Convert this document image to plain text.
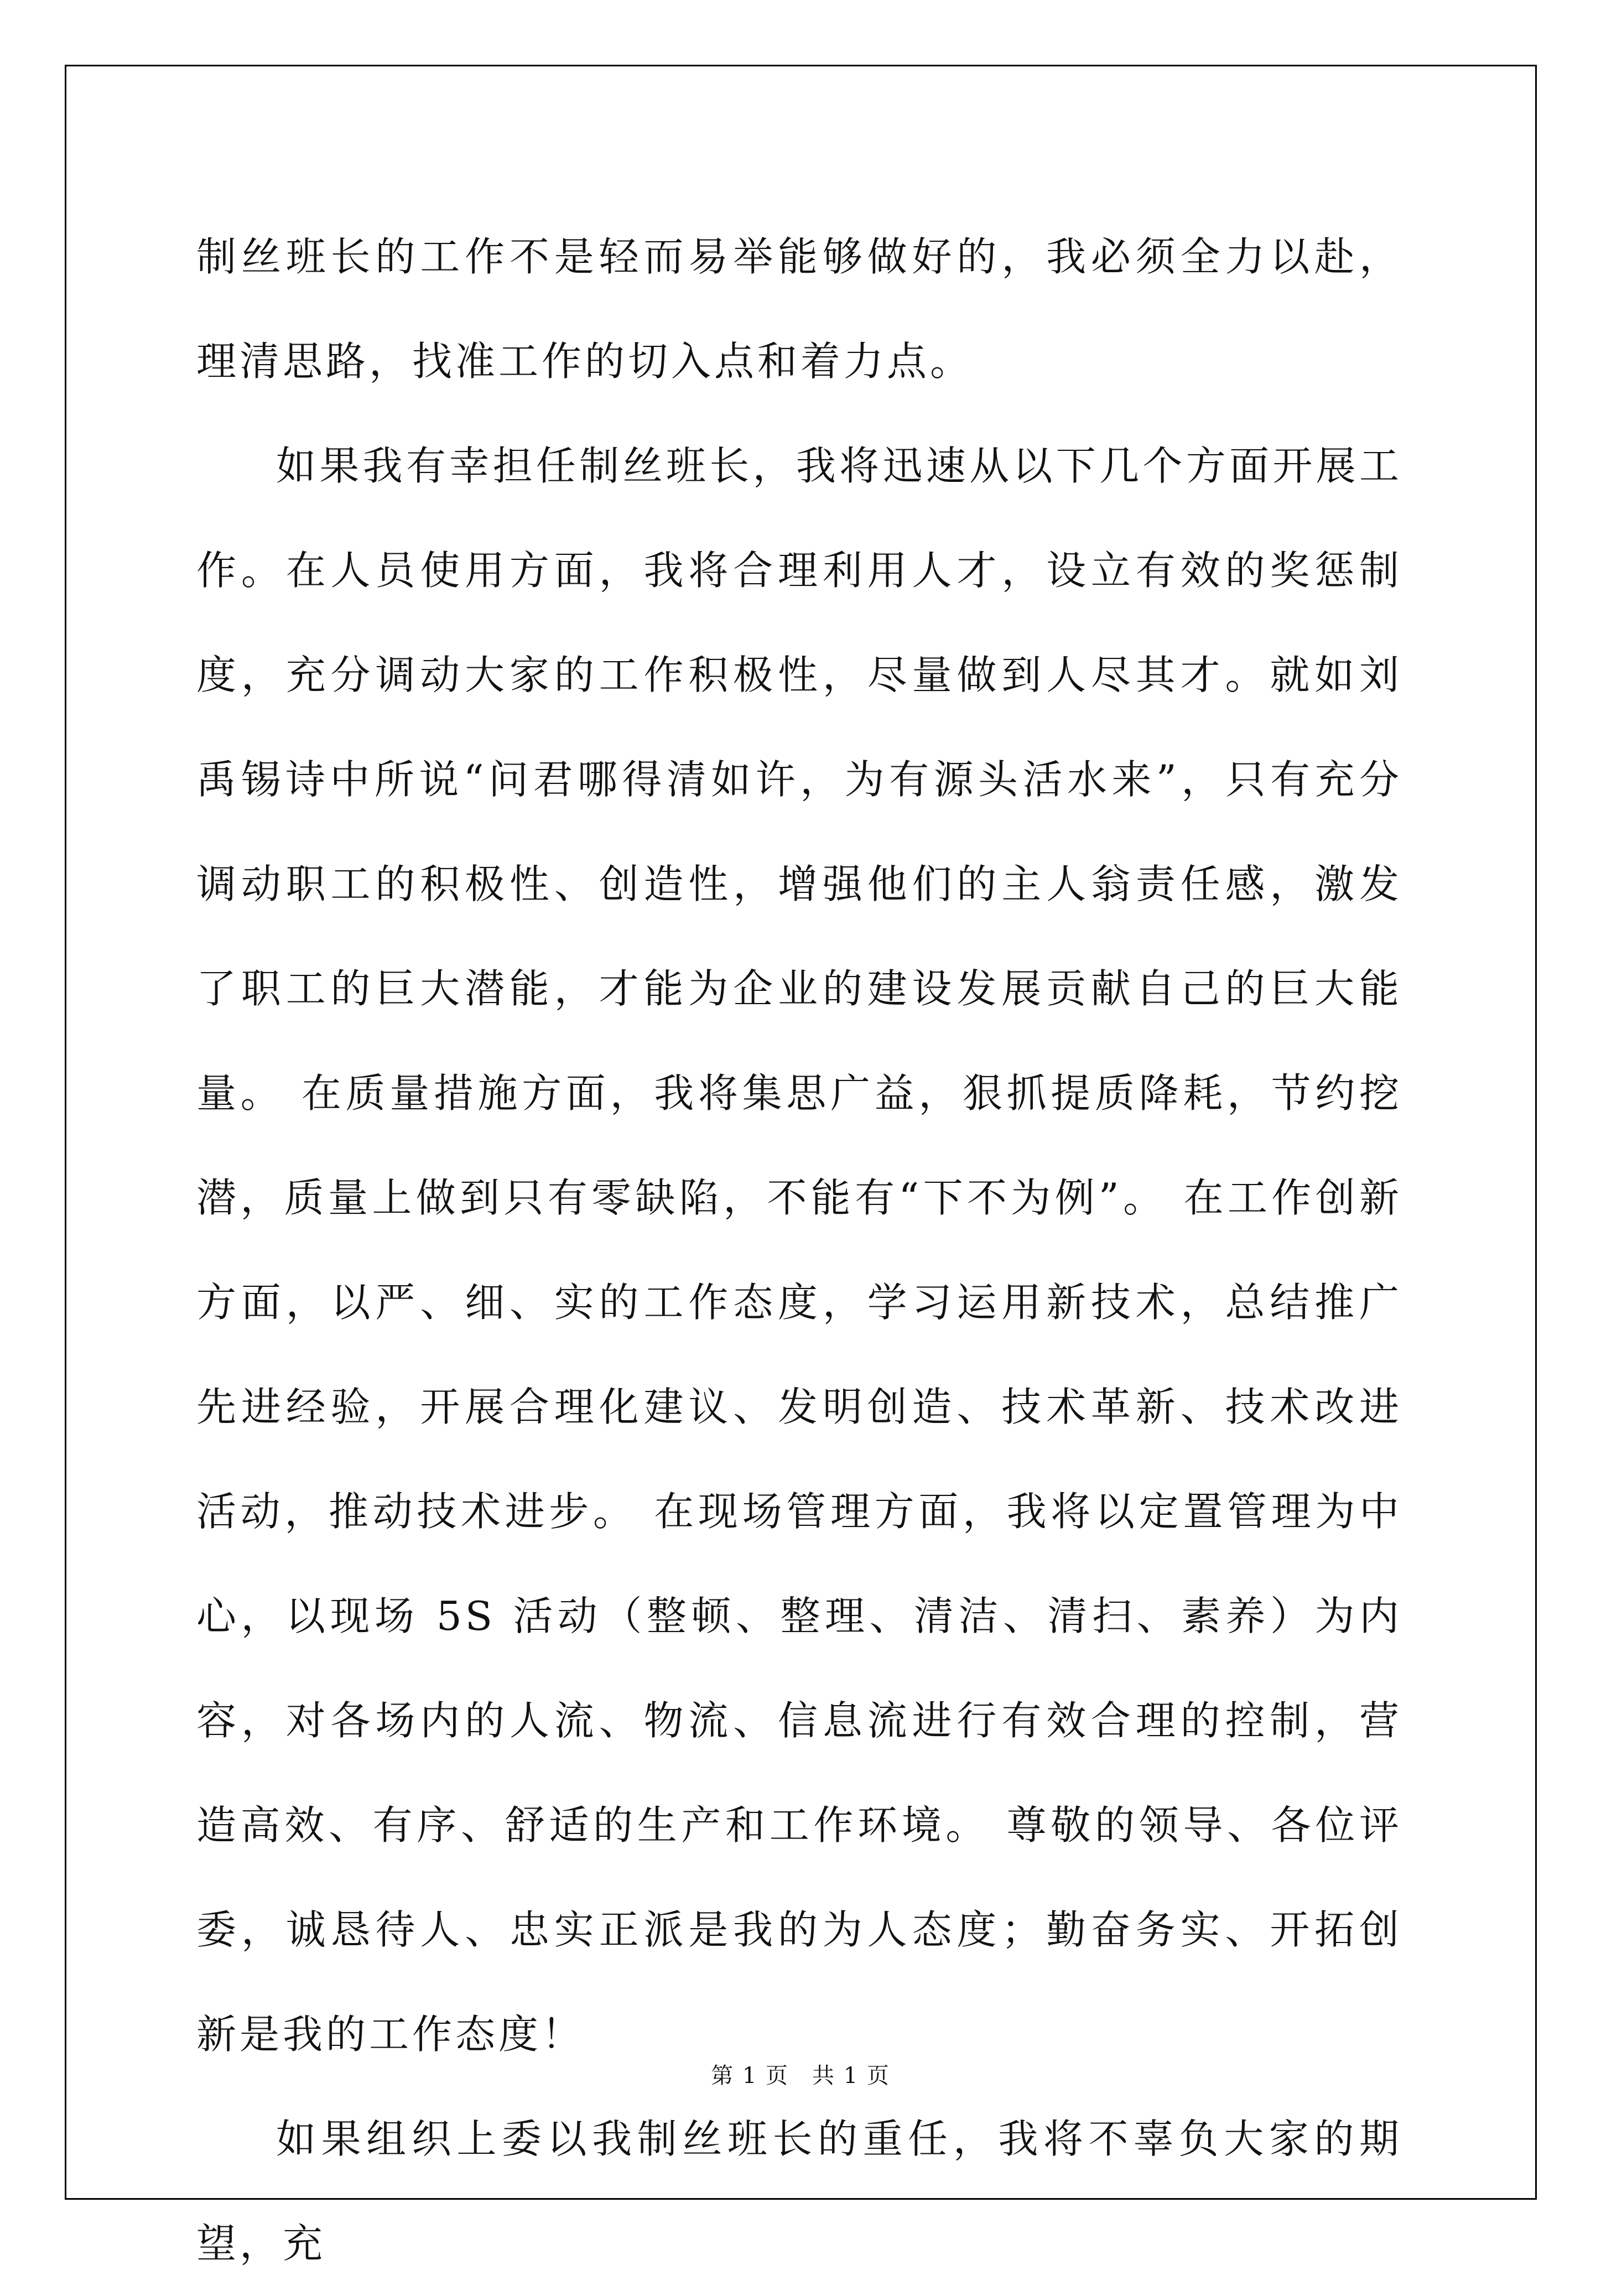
制丝班长的工作不是轻而易举能够做好的，我必须全力以赴，理清思路，找准工作的切入点和着力点。

如果我有幸担任制丝班长，我将迅速从以下几个方面开展工作。在人员使用方面，我将合理利用人才，设立有效的奖惩制度，充分调动大家的工作积极性，尽量做到人尽其才。就如刘禹锡诗中所说“问君哪得清如许，为有源头活水来”，只有充分调动职工的积极性、创造性，增强他们的主人翁责任感，激发了职工的巨大潜能，才能为企业的建设发展贡献自己的巨大能量。 在质量措施方面，我将集思广益，狠抓提质降耗，节约挖潜，质量上做到只有零缺陷，不能有“下不为例”。 在工作创新方面，以严、细、实的工作态度，学习运用新技术，总结推广先进经验，开展合理化建议、发明创造、技术革新、技术改进活动，推动技术进步。 在现场管理方面，我将以定置管理为中心，以现场 5S 活动（整顿、整理、清洁、清扫、素养）为内容，对各场内的人流、物流、信息流进行有效合理的控制，营造高效、有序、舒适的生产和工作环境。 尊敬的领导、各位评委，诚恳待人、忠实正派是我的为人态度；勤奋务实、开拓创新是我的工作态度！

如果组织上委以我制丝班长的重任，我将不辜负大家的期望，充

第 1 页　共 1 页
